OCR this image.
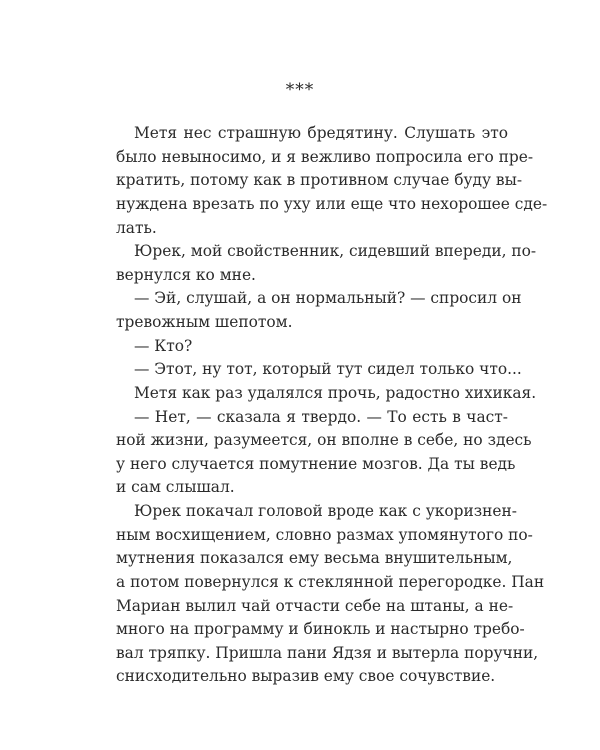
***
Метя нес страшную бредятину. Слушать это
было невыносимо, и я вежливо попросила его пре-
кратить, потому как в противном случае буду вы-
нуждена врезать по уху или еще что нехорошее сде-
лать.
Юрек, мой свойственник, сидевший впереди, по-
вернулся ко мне.
— Эй, слушай, а он нормальный? — спросил он
тревожным шепотом.
— Кто?
— Этот, ну тот, который тут сидел только что...
Метя как раз удалялся прочь, радостно хихикая.
— Нет, — сказала я твердо. — То есть в част-
ной жизни, разумеется, он вполне в себе, но здесь
у него случается помутнение мозгов. Да ты ведь
и сам слышал.
Юрек покачал головой вроде как с укоризнен-
ным восхищением, словно размах упомянутого по-
мутнения показался ему весьма внушительным,
а потом повернулся к стеклянной перегородке. Пан
Мариан вылил чай отчасти себе на штаны, а не-
много на программу и бинокль и настырно требо-
вал тряпку. Пришла пани Ядзя и вытерла поручни,
снисходительно выразив ему свое сочувствие.
